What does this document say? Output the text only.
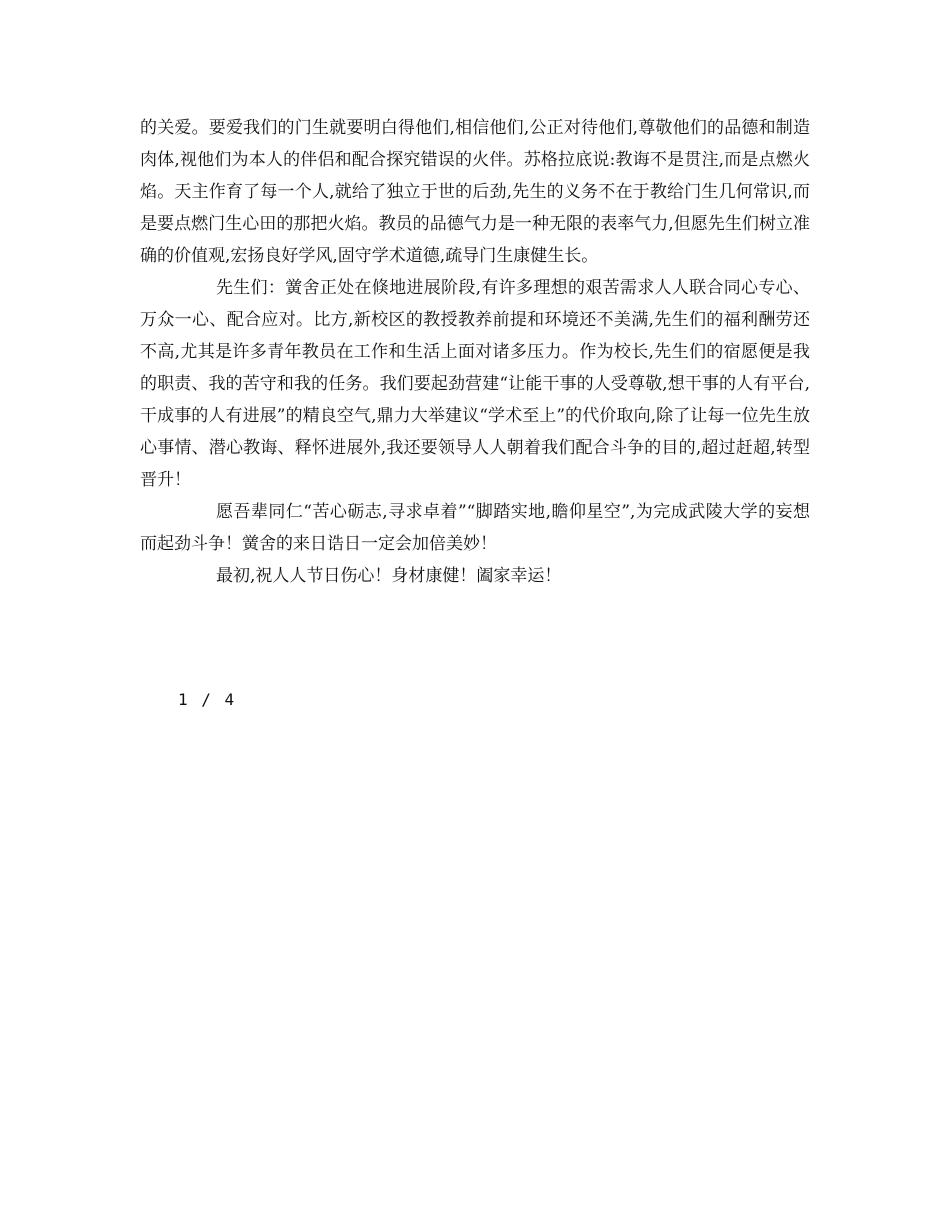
的关爱。要爱我们的门生就要明白得他们,相信他们,公正对待他们,尊敬他们的品德和制造肉体,视他们为本人的伴侣和配合探究错误的火伴。苏格拉底说:教诲不是贯注,而是点燃火焰。天主作育了每一个人,就给了独立于世的后劲,先生的义务不在于教给门生几何常识,而是要点燃门生心田的那把火焰。教员的品德气力是一种无限的表率气力,但愿先生们树立准确的价值观,宏扬良好学风,固守学术道德,疏导门生康健生长。

先生们：黉舍正处在倏地进展阶段,有许多理想的艰苦需求人人联合同心专心、万众一心、配合应对。比方,新校区的教授教养前提和环境还不美满,先生们的福利酬劳还不高,尤其是许多青年教员在工作和生活上面对诸多压力。作为校长,先生们的宿愿便是我的职责、我的苦守和我的任务。我们要起劲营建“让能干事的人受尊敬,想干事的人有平台,干成事的人有进展”的精良空气,鼎力大举建议“学术至上”的代价取向,除了让每一位先生放心事情、潜心教诲、释怀进展外,我还要领导人人朝着我们配合斗争的目的,超过赶超,转型晋升！

愿吾辈同仁“苦心砺志,寻求卓着”“脚踏实地,瞻仰星空”,为完成武陵大学的妄想而起劲斗争！黉舍的来日诰日一定会加倍美妙！

最初,祝人人节日伤心！身材康健！阖家幸运！

1 / 4
